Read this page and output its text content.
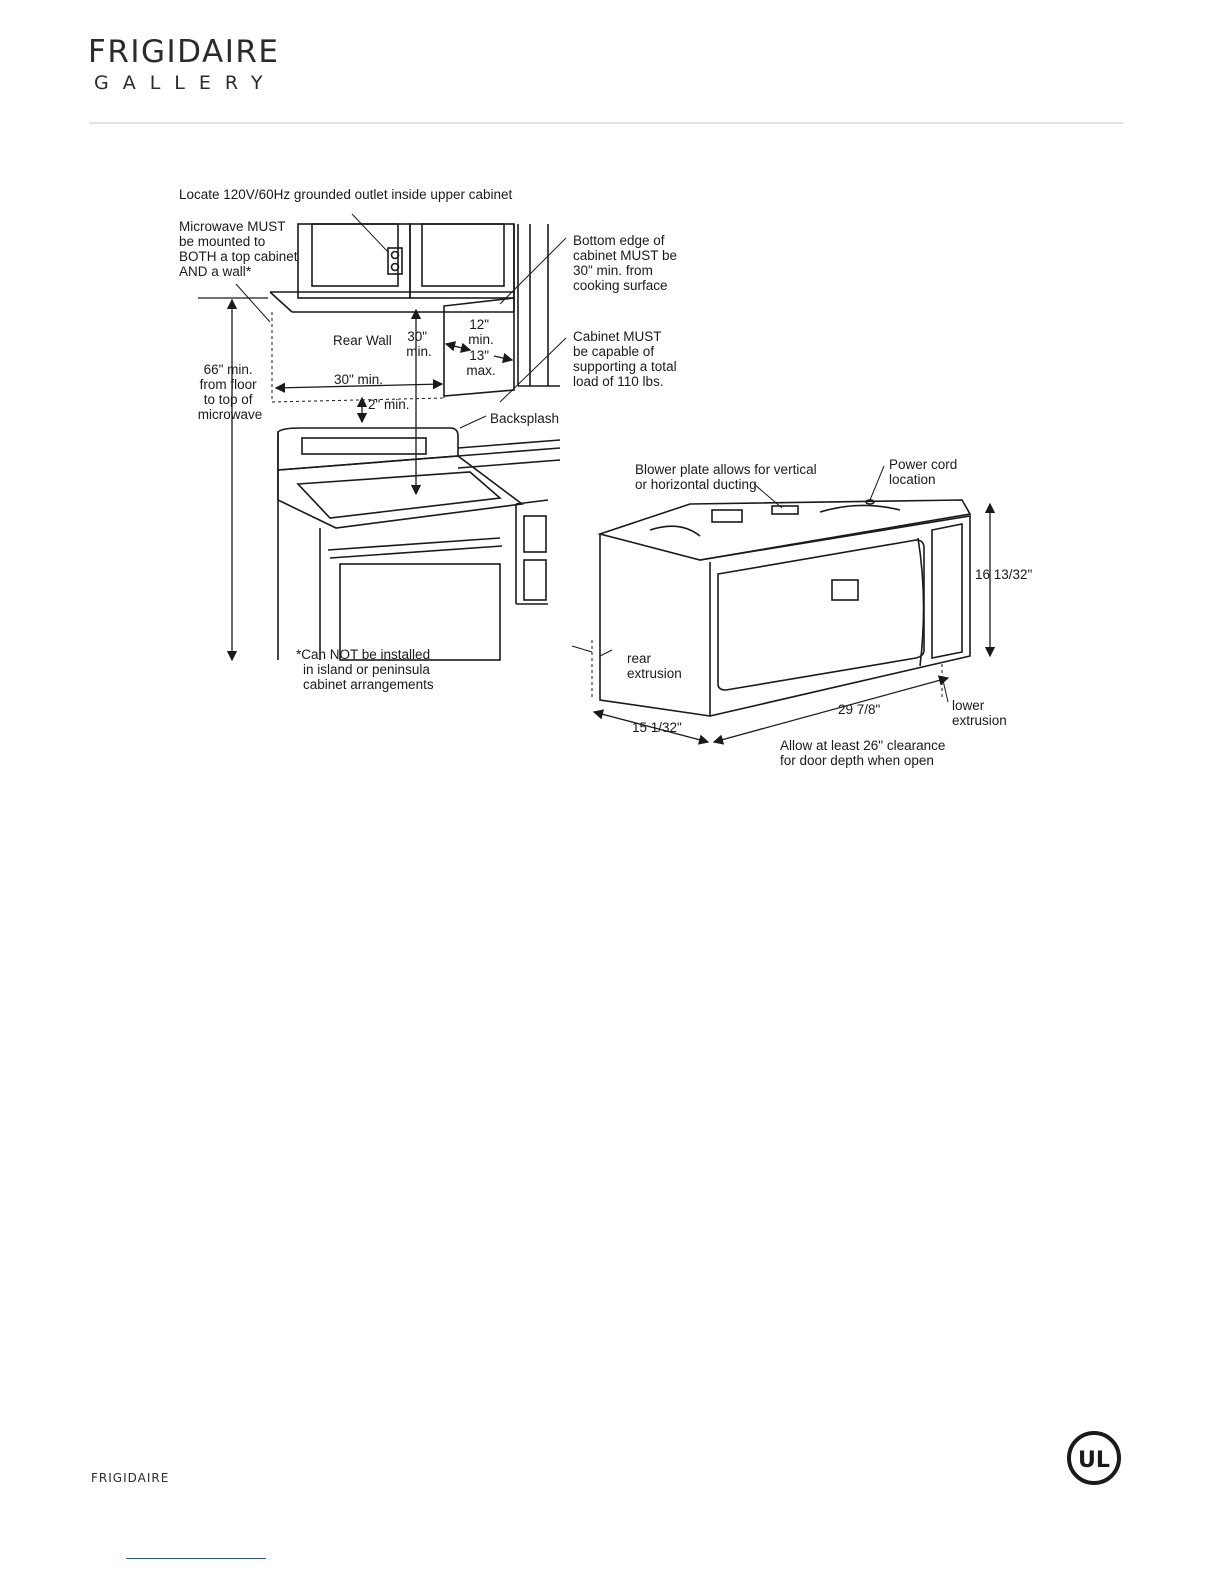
FRIGIDAIRE
GALLERY
Locate 120V/60Hz grounded outlet inside upper cabinet
Microwave MUST be mounted to BOTH a top cabinet AND a wall*
Bottom edge of cabinet MUST be 30" min. from cooking surface
Cabinet MUST be capable of supporting a total load of 110 lbs.
Rear Wall 30" min.
12" min.
13" max.
66" min. from floor to top of microwave
30" min.
2" min.
Backsplash
*Can NOT be installed in island or peninsula cabinet arrangements
Blower plate allows for vertical or horizontal ducting
Power cord location
16 13/32"
rear extrusion
lower extrusion
29 7/8"
15 1/32"
Allow at least 26" clearance for door depth when open
FRIGIDAIRE
UL
